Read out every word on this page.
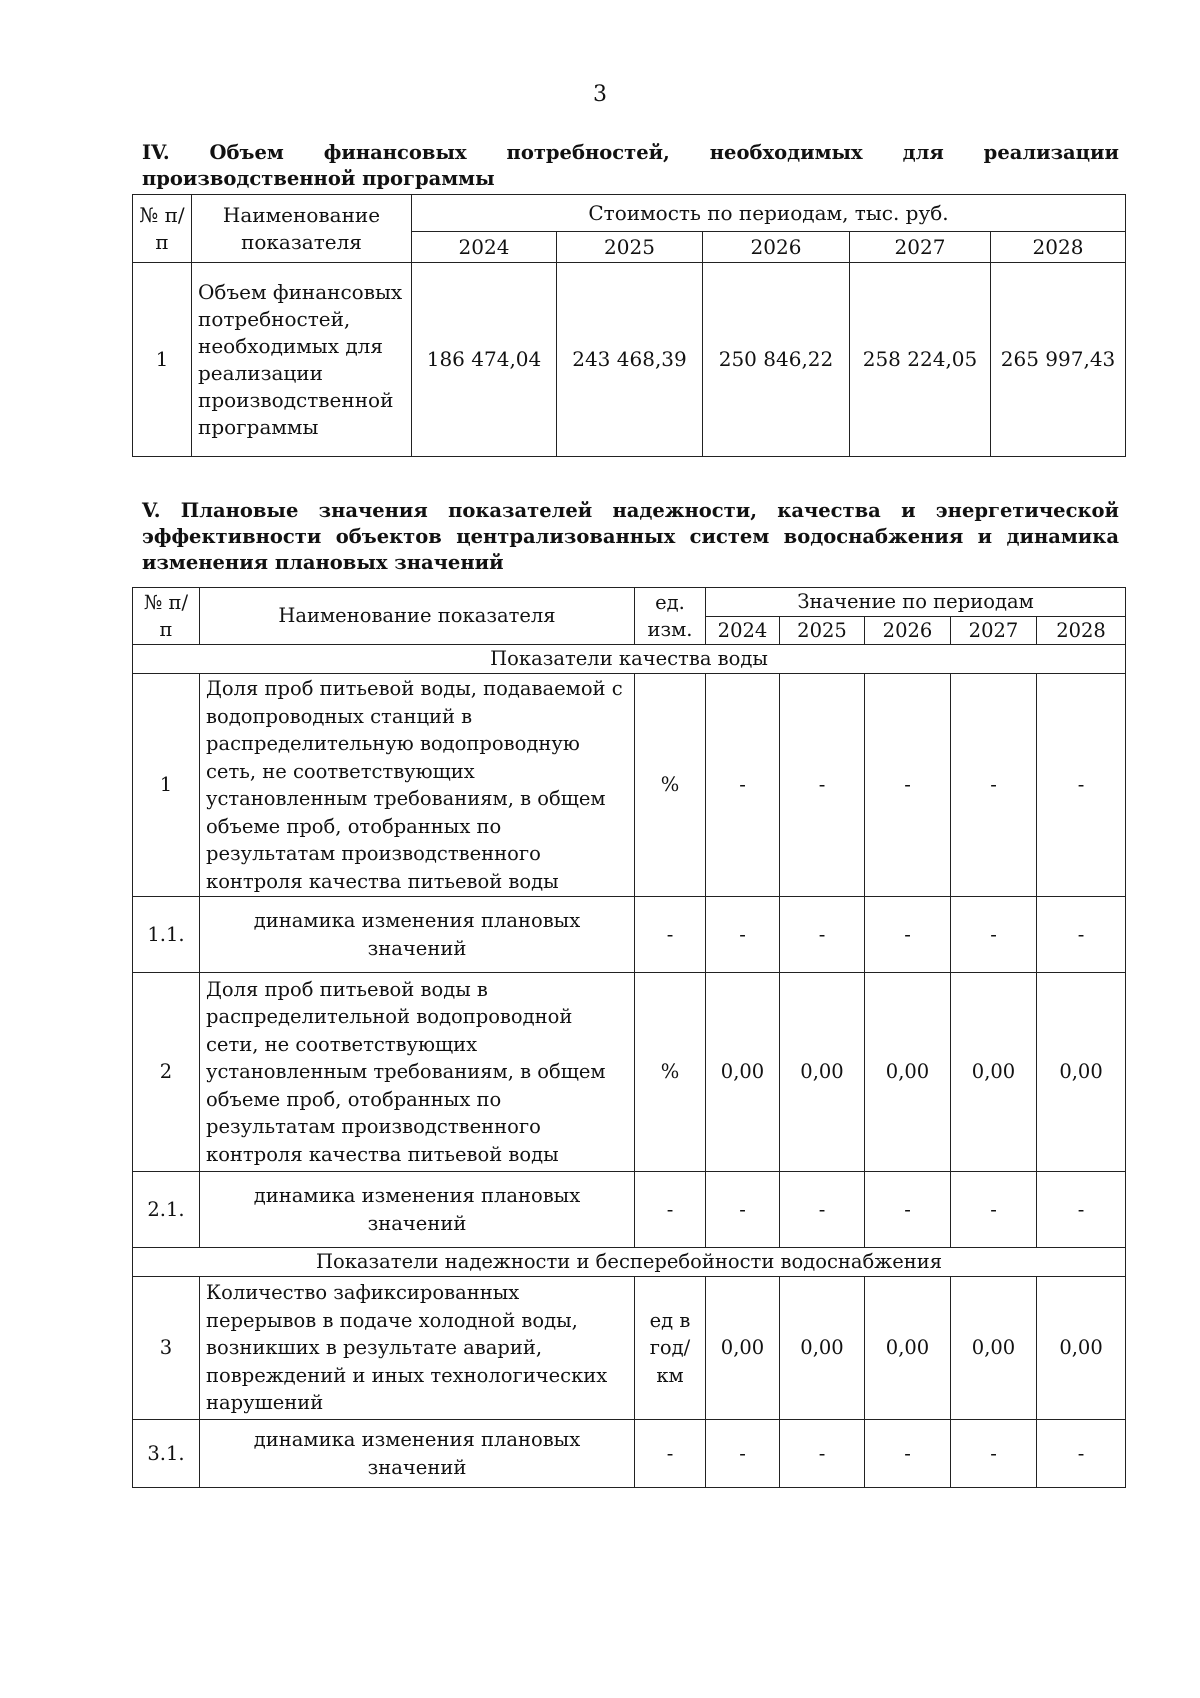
3
IV. Объем финансовых потребностей, необходимых для реализации производственной программы
№ п/п	Наименование показателя	Стоимость по периодам, тыс. руб.				
		2024	2025	2026	2027	2028
1	Объем финансовых потребностей, необходимых для реализации производственной программы	186 474,04	243 468,39	250 846,22	258 224,05	265 997,43
V. Плановые значения показателей надежности, качества и энергетической эффективности объектов централизованных систем водоснабжения и динамика изменения плановых значений
№ п/п	Наименование показателя	ед. изм.	Значение по периодам				
			2024	2025	2026	2027	2028
Показатели качества воды							
1	Доля проб питьевой воды, подаваемой с водопроводных станций в распределительную водопроводную сеть, не соответствующих установленным требованиям, в общем объеме проб, отобранных по результатам производственного контроля качества питьевой воды	%	-	-	-	-	-
1.1.	динамика изменения плановых значений	-	-	-	-	-	-
2	Доля проб питьевой воды в распределительной водопроводной сети, не соответствующих установленным требованиям, в общем объеме проб, отобранных по результатам производственного контроля качества питьевой воды	%	0,00	0,00	0,00	0,00	0,00
2.1.	динамика изменения плановых значений	-	-	-	-	-	-
Показатели надежности и бесперебойности водоснабжения							
3	Количество зафиксированных перерывов в подаче холодной воды, возникших в результате аварий, повреждений и иных технологических нарушений	ед в год/ км	0,00	0,00	0,00	0,00	0,00
3.1.	динамика изменения плановых значений	-	-	-	-	-	-
